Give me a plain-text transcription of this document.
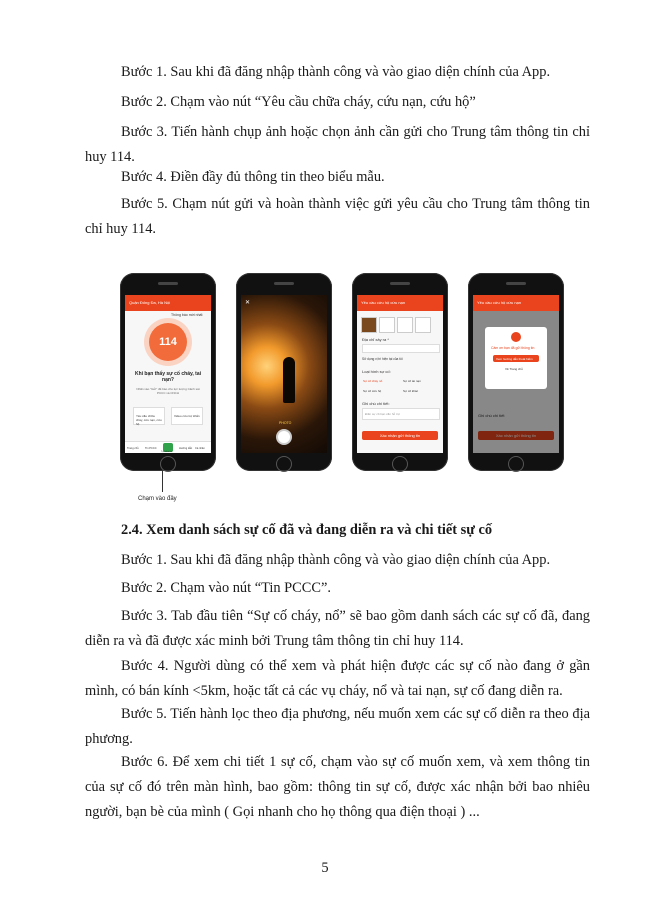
Bước 1. Sau khi đã đăng nhập thành công và vào giao diện chính của App.

Bước 2. Chạm vào nút “Yêu cầu chữa cháy, cứu nạn, cứu hộ”

Bước 3. Tiến hành chụp ảnh hoặc chọn ảnh cần gửi cho Trung tâm thông tin chỉ huy 114.

Bước 4. Điền đầy đủ thông tin theo biểu mẫu.

Bước 5. Chạm nút gửi và hoàn thành việc gửi yêu cầu cho Trung tâm thông tin chỉ huy 114.

Quận Đống Đa, Hà Nội
Thông báo mới nhất
114
Khi bạn thấy sự cố cháy, tai nạn?
Nhấn vào "Gửi" để báo cho lực lượng Cảnh sát PCCC và CNCH
Yêu cầu chữa cháy, cứu nạn, cứu hộ
Video cứu trợ khẩn
Trang chủ Tin PCCC
Tự kiểm tra
Hướng dẫn Cá nhân
✕
PHOTO
Yêu cầu cứu hộ cứu nạn
Địa chỉ xảy ra *
Sử dụng vị trí hiện tại của tôi
Loại hình sự cố:
Sự cố cháy nổ	Sự cố tai nạn
Sự cố cứu hộ	Sự cố khác
Ghi chú chi tiết:
Điền sự cố bạn cần hỗ trợ
Xác nhận gửi thông tin
Yêu cầu cứu hộ cứu nạn
Ghi chú chi tiết
Xác nhận gửi thông tin
Cảm ơn bạn đã gửi thông tin
Xem hướng dẫn thoát hiểm
Về Trang chủ
Chạm vào đây

2.4. Xem danh sách sự cố đã và đang diễn ra và chi tiết sự cố

Bước 1. Sau khi đã đăng nhập thành công và vào giao diện chính của App.

Bước 2. Chạm vào nút “Tin PCCC”.

Bước 3. Tab đầu tiên “Sự cố cháy, nổ” sẽ bao gồm danh sách các sự cố đã, đang diễn ra và đã được xác minh bởi Trung tâm thông tin chỉ huy 114.

Bước 4. Người dùng có thể xem và phát hiện được các sự cố nào đang ở gần mình, có bán kính <5km, hoặc tất cả các vụ cháy, nổ và tai nạn, sự cố đang diễn ra.

Bước 5. Tiến hành lọc theo địa phương, nếu muốn xem các sự cố diễn ra theo địa phương.

Bước 6. Để xem chi tiết 1 sự cố, chạm vào sự cố muốn xem, và xem thông tin của sự cố đó trên màn hình, bao gồm: thông tin sự cố, được xác nhận bởi bao nhiêu người, bạn bè của mình ( Gọi nhanh cho họ thông qua điện thoại ) ...

5
